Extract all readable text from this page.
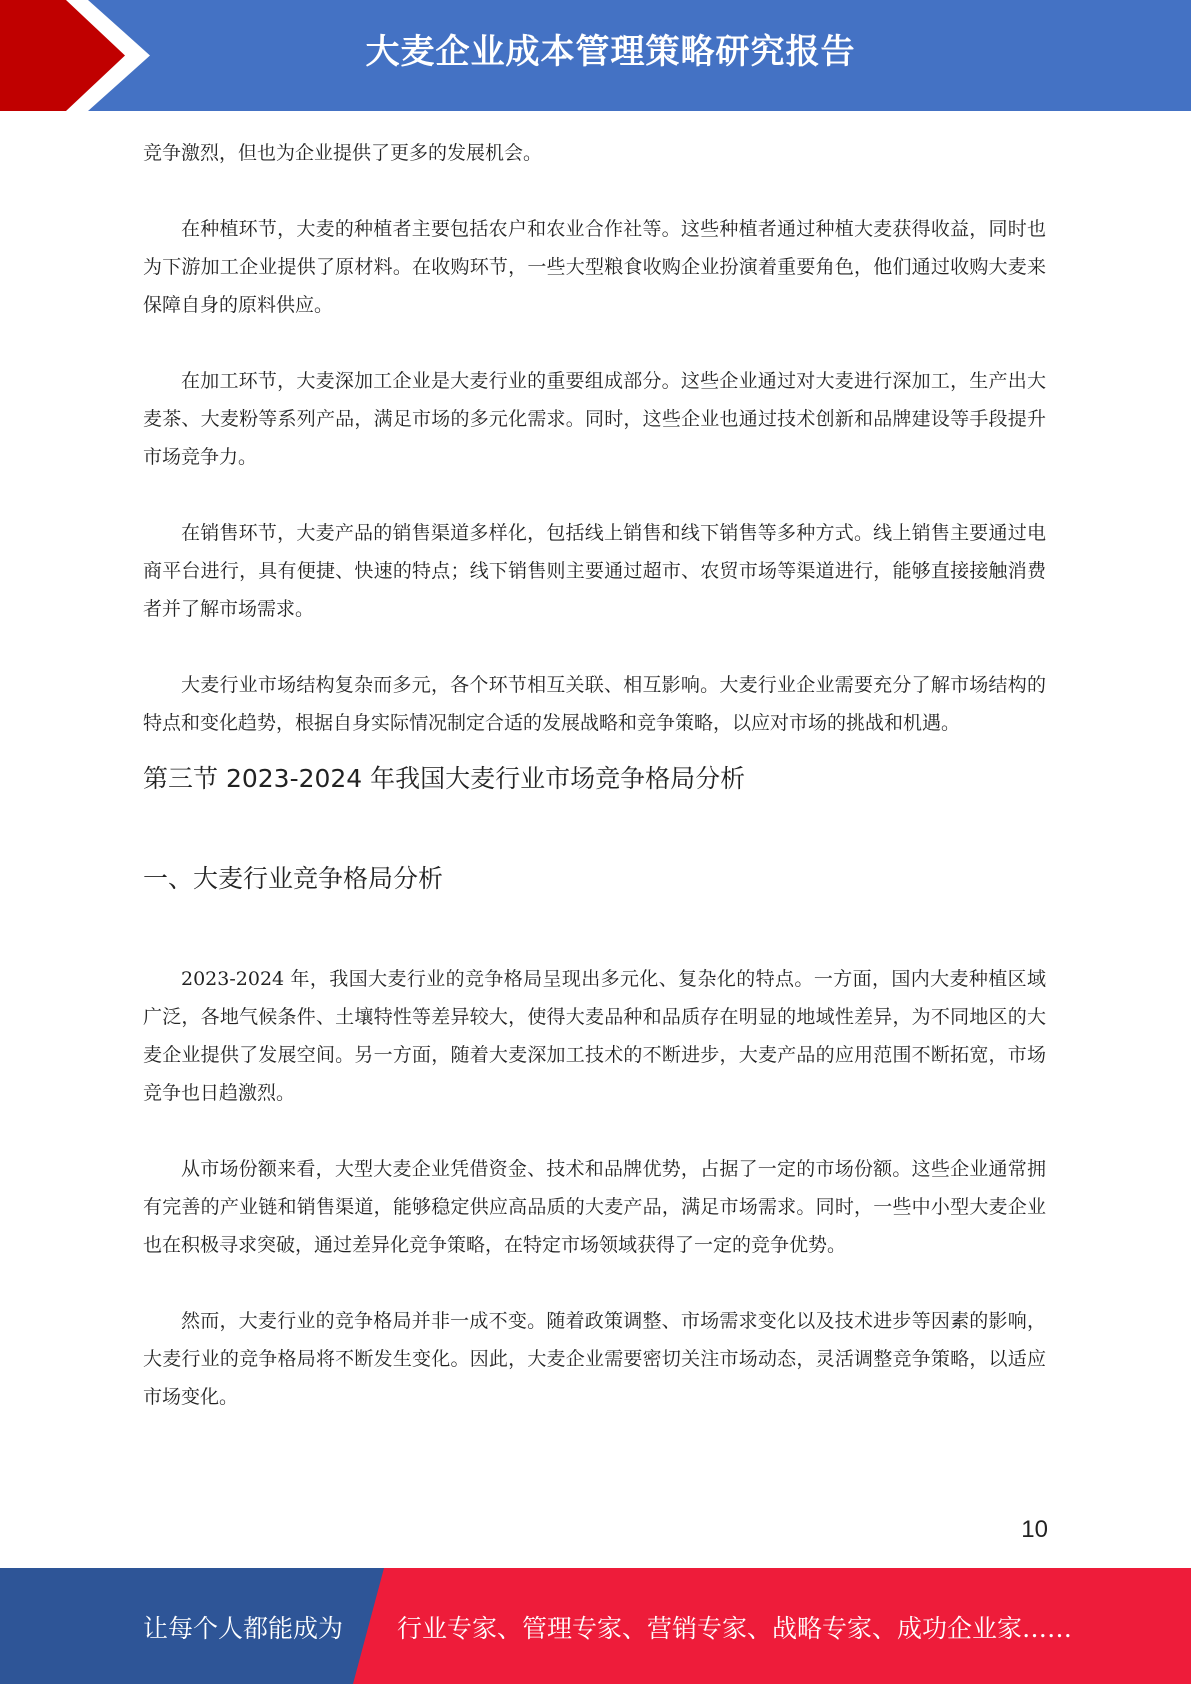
大麦企业成本管理策略研究报告

竞争激烈，但也为企业提供了更多的发展机会。

在种植环节，大麦的种植者主要包括农户和农业合作社等。这些种植者通过种植大麦获得收益，同时也为下游加工企业提供了原材料。在收购环节，一些大型粮食收购企业扮演着重要角色，他们通过收购大麦来保障自身的原料供应。

在加工环节，大麦深加工企业是大麦行业的重要组成部分。这些企业通过对大麦进行深加工，生产出大麦茶、大麦粉等系列产品，满足市场的多元化需求。同时，这些企业也通过技术创新和品牌建设等手段提升市场竞争力。

在销售环节，大麦产品的销售渠道多样化，包括线上销售和线下销售等多种方式。线上销售主要通过电商平台进行，具有便捷、快速的特点；线下销售则主要通过超市、农贸市场等渠道进行，能够直接接触消费者并了解市场需求。

大麦行业市场结构复杂而多元，各个环节相互关联、相互影响。大麦行业企业需要充分了解市场结构的特点和变化趋势，根据自身实际情况制定合适的发展战略和竞争策略，以应对市场的挑战和机遇。

第三节 2023-2024 年我国大麦行业市场竞争格局分析
一、大麦行业竞争格局分析

2023-2024 年，我国大麦行业的竞争格局呈现出多元化、复杂化的特点。一方面，国内大麦种植区域广泛，各地气候条件、土壤特性等差异较大，使得大麦品种和品质存在明显的地域性差异，为不同地区的大麦企业提供了发展空间。另一方面，随着大麦深加工技术的不断进步，大麦产品的应用范围不断拓宽，市场竞争也日趋激烈。

从市场份额来看，大型大麦企业凭借资金、技术和品牌优势，占据了一定的市场份额。这些企业通常拥有完善的产业链和销售渠道，能够稳定供应高品质的大麦产品，满足市场需求。同时，一些中小型大麦企业也在积极寻求突破，通过差异化竞争策略，在特定市场领域获得了一定的竞争优势。

然而，大麦行业的竞争格局并非一成不变。随着政策调整、市场需求变化以及技术进步等因素的影响，大麦行业的竞争格局将不断发生变化。因此，大麦企业需要密切关注市场动态，灵活调整竞争策略，以适应市场变化。

10
让每个人都能成为 行业专家、管理专家、营销专家、战略专家、成功企业家……
